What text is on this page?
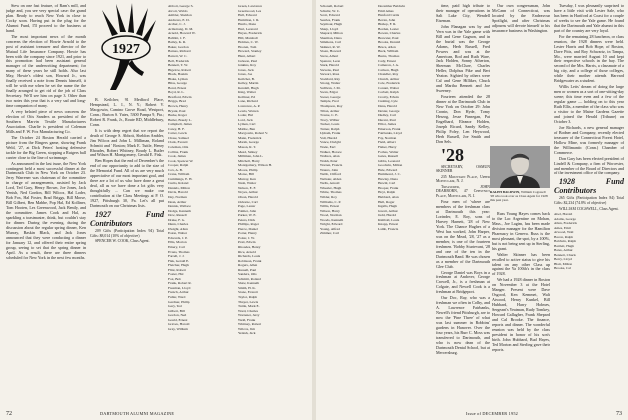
Stew on one fast feature, of Ram's mill, and judge and, you see very special case: the grand plan. Ready to reach New York in close to Cocky soon. Having put in the plug for the Alumni Fund, I'll proceed to the business at hand.

The most important news of the month concerns the election of Howie Arnold to the post of assistant treasurer and director of the Mutual Life Insurance Company. Howie has been with the company since 1921, and prior to this promotion had been assistant general manager of the underwriting department; for many of these years he still holds. Also last May, Howie's oldest son, Howard Jr., was finally received a note from Dennis himself, it will be with me when he set the name the the finally arranged to get rid of the job of Class Secretary. We'll see him on page 3. Other than two notes this year that is a very sad and long-time companion of many.

A very belated piece of news concerns the election of Otis Sanders as president of the Southern Marvin Textile Manufacturers Association. Charlie is president of Coleman Mills and F. W. Fox Manufacturing Co.

The October 24 Boston Herald carried a picture from the Ringers game, showing Frank Weld, '27, at Dick Peters' hosting defensive tackle for the Big Green, stopping a Rutgers ball carrier close to the line of scrimmage.

As announced in the last issue, the New York contingent held a most successful dinner at the Dartmouth Club in New York on October 23. Jerry Warrener was chairman of the committee in charge of arrangements, assisted by Jack Lord, Ted Gary, Henry Brown, Joe Jones, Jack Yenish, Ned Gordon, Bill Wilcox, Hal Loder, Bob Fox, Hal Foster, Brad Briggs, Bill Morse, Bill Gilbert, Ben Mabbe, Pop Hal, Ed Kolliner, Tom Hooten, Les Greenwood, Jack Bently, and the committee. James Cook and Hal, as sparkling a toastmaster, think, but couldn't stay for dinner. During the evening, during the discussion about the regular spring dinner, Ken Murray, Baskin Black, and Jack Jones announced that they were conducting a dinner for January 12, and offered their entire spring group, seeing to set that the spring dinner in April. As a result, there are three dinners scheduled for New York in the next few months.

1927

B. Keilcher, 91 Medford Place, Hempstead, L. I., N. Y.; Robert V. Macgowin, Camino Grove Road, Westport, Conn.; Burton S. Yates, 5300 Pampa 9, Pta.; Robert R. Frank, Jr., Route RD, Middlebury, Conn.

It is with deep regret that we report the death of George S. Abbott, Sheldon Ambler, Jim Wilcox and John L. Milliman, Roland Schmitt and ' Boston; Mark E. Tuttle, Henry Rhoades, Robert Whitney, Boudy L. Butler and Wilson H. Montgomery, Gerald E. Fisk.

Ben Hopes that the end of December's the end of our opportunity to add to the size of the Memorial Fund. All of us are very much appreciative of our most important goal, and there are a lot of us who have done a great deal, all as we have done a lot gifts very thoughtfully ... Can we make our contribution at the Class Meetings at P. O. 1927, Pittsburgh 30, Pa. Let's all put Dartmouth on our Christmas lists.

1927 Fund Contributors

209 Gifts (Participation Index 94) Total Gifts: $8,014 (10% of objective)

SPENCER W. COOK, Class Agent.

Abbott, George S.
Alcott, Waldo
Ambler, Sheldon
Andrews, E. D.
Archer, C. J.
Armstrong, D. M.
Arnold, Howard W.
Babbitt, J. F.
Bailey, K. R.
Baker, Gordon
Barnes, Richard
Barrett, W. C.
Bell, Frederick
Bennett, T. W.
Bigelow, Robert
Black, Baskin
Blake, Lyman
Bliss, George
Bond, Ernest
Boyd, R. L.
Bradford, Edwin
Briggs, Brad
Brown, Henry
Bryant, Paul
Burke, Roger
Butler, Boudy L.
Campbell, James
Carey, H. F.
Carter, Lewis
Chase, Samuel
Clark, Everett
Coleman, Otis
Collins, Frank
Cook, James
Cook, Spencer W.
Cooper, Ralph
Cox, A. B.
Crane, William
Cummings, E. H.
Curtis, Roland
Daniels, Milton
Davis, Harold
Day, Norman
Dean, Arthur
Dennis, Wallace
Dodge, Kenneth
Dow, Russell
Drake, F. G.
Dunn, Charles
Dwight, Allen
Eaton, Walter
Edwards, J. P.
Ellis, Morton
Emery, Carl
Evans, Thomas
Farrell, J. J.
Fisk, Gerald E.
Fletcher, Hugh
Flint, Robert
Foster, Hal
Fox, Bob
Frank, Robert R.
Freeman, Lloyd
French, Arthur
Fuller, Ward
Gardner, Philip
Gary, Ted
Gilbert, Bill
Gordon, Ned
Gould, Ernest
Graves, Harold
Gray, William
Green, Lawrence
Greenwood, Les
Hall, Edward
Hamilton, J. R.
Harris, Dana
Hart, Leonard
Hayes, Frederick
Hill, Marshall
Holmes, C. W.
Hooten, Tom
Howard, Stanley
Hunt, Albert
Jackson, Paul
Jenkins, Roy
Jones, Jack
Jones, Joe
Keilcher, B.
Kelley, Martin
Kendall, Hugh
King, Walter
Kolliner, Ed
Lane, Richard
Lawrence, A. P.
Lewis, Warren
Loder, Hal
Lord, Jack
Lyman, Carl
Mabbe, Ben
Macgowin, Robert V.
Mann, Frederick
Marsh, George
Mason, R. T.
Mead, Sidney
Milliman, John L.
Mitchell, Harry
Montgomery, Wilson H.
Moore, Philip
Morse, Bill
Murray, Ken
Nash, Walter
Nelson, E. F.
Noyes, Arthur
Olson, Harold
Osborne, Carl
Page, Lester
Palmer, John
Parker, W. E.
Peters, Dick
Phillips, Roger
Pierce, Daniel
Porter, Henry
Potter, J. W.
Pratt, Edwin
Rhoades, Henry
Rice, Arnold
Richards, Louis
Robinson, Frank
Rogers, Allen
Russell, Paul
Sanders, Otis
Schmitt, Roland
Shaw, Kenneth
Smith, H. K.
Stone, Everett
Taylor, Ralph
Thayer, Lewis
Tuttle, Mark E.
Ward, Charles
Warrener, Jerry
Weld, Frank
Whitney, Robert
Wilcox, Jim
Yenish, Jack
72	DARTMOUTH ALUMNI MAGAZINE
Schonell, Robert
Schultz, W. C.
Scott, Edward
Searles, Frank
Seymour, Hugh
Sharp, Lloyd
Shepard, Milton
Sherman, Dana
Simmons, Carl
Skinner, R. W.
Sloan, Howard
Snow, Albert
Spencer, Leon
Stark, Harold
Stevens, Paul
Stewart, Ross
Stoddard, Ray
Strong, Walter
Sullivan, J. M.
Swan, Edgar
Sweet, George
Temple, Fred
Thompson, Roy
Tilton, Arthur
Towne, C. E.
Tracy, Wilbur
Tucker, Louis
Turner, Ralph
Upham, Frank
Vail, Harold
Vance, Dwight
Wade, Earl
Walker, Horace
Wallace, Alan
Walsh, Peter
Warren, Francis
Waters, John
Webb, Clifford
Webster, Alden
Wells, Arnold
Wheeler, Hugh
White, Thomas
Wilder, Roy
Williams, C. P.
Willis, Ernest
Wilson, Harry
Wood, Norman
Woods, Kenneth
Wright, Edward
Young, Alfred
Zimmer, Carl
December Baldwin
Emil Ames
Hanford Curtis
Bevan, John
Bishop, F. R.
Borden, Lester
Bowen, Charles
Brewster, Paul
Brooks, Donald
Bruce, Allen
Buck, William
Burns, Thomas
Cady, Ernest
Cameron, J. A.
Carlson, Hugh
Chandler, Roy
Church, Arthur
Cole, Frederick
Conant, Walter
Corbett, Ralph
Crosby, Edwin
Cushing, Lyle
Dana, Harold
Dexter, George
Dudley, Carl
Durant, Paul
Elliot, James
Emerson, Frank
Fairbanks, Lloyd
Fay, Norman
Field, Albert
Fisher, Harry
Forbes, Walter
Gates, Russell
Gibbs, Leonard
Goodwin, Milton
Hale, Edward
Hammond, J. C.
Hawley, Dana
Hewitt, Carl
Hooper, Frank
Hoyt, Ralph
Hubbard, Alan
Hull, Roger
Ingalls, Hugh
Jewett, Arthur
Judd, Harold
Kimball, Louis
Knapp, Ernest
Lamb, Francis

time, paid high tribute to their manager of operations in Salt Lake City, Wendell Eiseman.

John Flanagan was by and Vern was in the Yale game with Bill and Gene Gagnon, and in the burial was the George Adams, Herb Russell, Fred Powers and was at the American, Rod and Ruth Ware, Jack Holden, Sonny Atherton, Sherman McClure, Charles Heller, Dolphus Pike and Bert Yeaton. Sighted by others were Cal and Gene Hilliker, Chuck and Martha Bennett and Joe Sweeney.

Fourteen attended the 28 dinner at the Dartmouth Club in New York on October 29: John Cronin, Don Hyde, Tomy Herzog, Jesse Finnegan, Pat Engelhard, Eleanor Holden, Joseph Ricard, Sandy Kelley, Philip Foley, Len Heywood, Herb Russell, Joe Smith and Don Sels.

'28

SECRETARY, OSMUN SKINNER

235 Mountain Place, Upper Montclair, N. J.

Treasurer, JOHN DEARBORN, 47 Chestnut Place, Montclair, N. J.

Four men of 'where are members of the freshman class at Dartmouth this year: Lorinder, E. Roy, sons of Harvey Harnett, '28 of New York. The Chance Hughes of a West has worked, John Harper, was on the Mead, '28, '27 as a member, is one of the fourteen freshmen. 'Bobby Sturtevant, '28 and one of the ten in the Dartmouth Band. He was chosen as a member of the Dartmouth Glee Club.

George Daniel was Boys in a freshman at Andover, George Crowell, Jr., is a freshman at Colgate, and Newell Cook is a freshman at Bridgeport.

Our Doc, Ray, who was a freshman we often in Colby, and A. Lawrence Fairbanks, Newell's friend Pittsburgh, are to now the 'Pine Three' of what was last summer in Robbins' gardens in Hanover. Over the four years, his Burr C. Moss was transferred to Dartmouth, and who is now dean of the Dartmouth Dental School, but at Mercersburg.

Our own congressman, John McCann of Connecticut, was located by the Endeavour Spotlight, and after Christmas adjourns will devote himself to his insurance business in Washington.

RALPH BALDWIN, William Cogswell '28 who took over as Class Agent for 1928 this past year.

Russ Young Hayes comes back to the Lac Argentine on Mohan, Mass., Joe Lagim, has been made division manager for the Hamilton Pharmacy in Geneva. Russ is the most pleasant, the spot, by a 100%, but is not being sent up in Sterling, his grant.

Walter Skinner has been recalled to active status to give his talent on any other Class up against the Ya 100th's in the class of 1928.

We had a 1928 dinner in Boston on November 3 at the Hotel Manger. Present were Dave Osgood, Ken Kemmet, Walt Atwood, Henry Kunkel, Bill Hubbard, Harry Holmes, Sergeant's Yeatman, Rudy Tomkey, Howard Gallagher, Frank Shepard and Cal Brooke. The finance, reports and dinner. The wonderful reunion was held by the class president in honor of his son's birth. John Hubbard, Bud Hayes, Ted Morton and Sterling gave their reports.

Tuesday, I was pleasantly surprised to have a little visit with Lester Sale, who has been in Hartford at Coast for a couple of weeks to see the Yale game. He found that the Dartmouth and Yale alumni in this part of the country are very loyal.

For the remaining 28 luncheon, or class reunion, the 1928 dinners were held. Lester Harris and Bob Hope, of Boston, Dave Pitts, and Roy Schwartz, in Tampa, Mo., were married August 10 and kept their respective schools in the bay. The second of the Mrs. Harris, a classmate of a big city, and a college of those colleges, while their mother attends Harvard Bridgewater as a student.

Willis Letts' dream of doing the large men or women as a sort of one-sitting-day scene; this time even and a few of the regular game — holding on to this year Ruth Ellis, a member of the class who was a visitor to the Maine Gardens Gazette and joined the Herald (Tribune) on October 3.

Joe Richards, a new general manager of Bodner and Company, recently elected treasurer of the Connecticut Forest Hotel, Hollow Mine, was formerly manager of the Willimantic (Conn.) Chamber of Commerce.

Don Gary has been elected president of Lindell & Company, a firm of Worcester, and member of the Board of Directors and of the investment office of the company.

1928 Fund Contributors

265 Gifts (Participation Index 84) Total Gifts: $2,234 (74.8% of objective)

WILLIAM COGSWELL, Class Agent.

Abel, Harold
Adams, George
Allen, Frederick
Ames, Emil
Atwood, Walt
Bacon, Ralph
Baldwin, Ralph
Bartlett, Hugh
Bates, Arthur
Bennett, Chuck
Berry, Lloyd
Blair, Milton
Brooke, Cal
Issue of DECEMBER 1952	73
